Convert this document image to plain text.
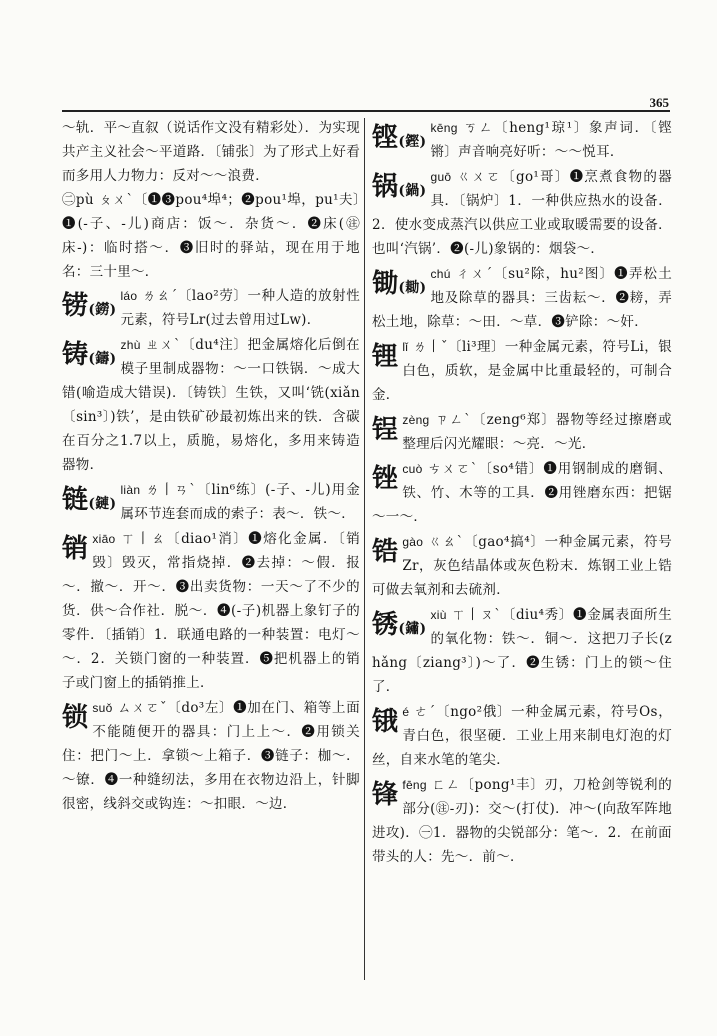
365
～轨．平～直叙（说话作文没有精彩处）．为实现共产主义社会～平道路．〔铺张〕为了形式上好看而多用人力物力：反对～～浪费．
㊁pù ㄆㄨˋ〔❶❸pou⁴埠⁴；❷pou¹埠，pu¹夫〕❶(-子、-儿)商店：饭～．杂货～．❷床(㊟床-)：临时搭～．❸旧时的驿站，现在用于地名：三十里～．
铹(鐒)
láo ㄌㄠˊ〔lao²劳〕一种人造的放射性元素，符号Lr(过去曾用过Lw)．
铸(鑄)
zhù ㄓㄨˋ〔du⁴注〕把金属熔化后倒在模子里制成器物：～一口铁锅．～成大错(喻造成大错误)．〔铸铁〕生铁，又叫‘铣(xiǎn〔sin³〕)铁’，是由铁矿砂最初炼出来的铁．含碳在百分之1.7以上，质脆，易熔化，多用来铸造器物．
链(鏈)
liàn ㄌ丨ㄢˋ〔lin⁶练〕(-子、-儿)用金属环节连套而成的索子：表～．铁～．
销xiāo ㄒ丨ㄠ〔diao¹消〕❶熔化金属．〔销毁〕毁灭，常指烧掉．❷去掉：～假．报～．撤～．开～．❸出卖货物：一天～了不少的货．供～合作社．脱～．❹(-子)机器上象钉子的零件．〔插销〕1．联通电路的一种装置：电灯～～．2．关锁门窗的一种装置．❺把机器上的销子或门窗上的插销推上．
锁suǒ ㄙㄨㄛˇ〔do³左〕❶加在门、箱等上面不能随便开的器具：门上上～．❷用锁关住：把门～上．拿锁～上箱子．❸链子：枷～．～镣．❹一种缝纫法，多用在衣物边沿上，针脚很密，线斜交或钩连：～扣眼．～边．
铿(鏗)
kēng ㄎㄥ〔heng¹琼¹〕象声词．〔铿锵〕声音响亮好听：～～悦耳．
锅(鍋)
guō ㄍㄨㄛ〔go¹哥〕❶烹煮食物的器具．〔锅炉〕1．一种供应热水的设备．2．使水变成蒸汽以供应工业或取暖需要的设备．也叫‘汽锅’．❷(-儿)象锅的：烟袋～．
锄(耡)
chú ㄔㄨˊ〔su²除，hu²图〕❶弄松土地及除草的器具：三齿耘～．❷耪，弄松土地，除草：～田．～草．❸铲除：～奸．
锂lǐ ㄌ丨ˇ〔li³理〕一种金属元素，符号Li，银白色，质软，是金属中比重最轻的，可制合金．
锃zèng ㄗㄥˋ〔zeng⁶郑〕器物等经过擦磨或整理后闪光耀眼：～亮．～光．
锉cuò ㄘㄨㄛˋ〔so⁴错〕❶用钢制成的磨铜、铁、竹、木等的工具．❷用锉磨东西：把锯～一～．
锆gào ㄍㄠˋ〔gao⁴搞⁴〕一种金属元素，符号Zr，灰色结晶体或灰色粉末．炼钢工业上锆可做去氧剂和去硫剂．
锈(鏽)
xiù ㄒ丨ㄡˋ〔diu⁴秀〕❶金属表面所生的氧化物：铁～．铜～．这把刀子长(zhǎng〔ziang³〕)～了．❷生锈：门上的锁～住了．
锇é ㄜˊ〔ngo²俄〕一种金属元素，符号Os，青白色，很坚硬．工业上用来制电灯泡的灯丝，自来水笔的笔尖．
锋fēng ㄈㄥ〔pong¹丰〕刃，刀枪剑等锐利的部分(㊟-刃)：交～(打仗)．冲～(向敌军阵地进攻)．㊀1．器物的尖锐部分：笔～．2．在前面带头的人：先～．前～．
